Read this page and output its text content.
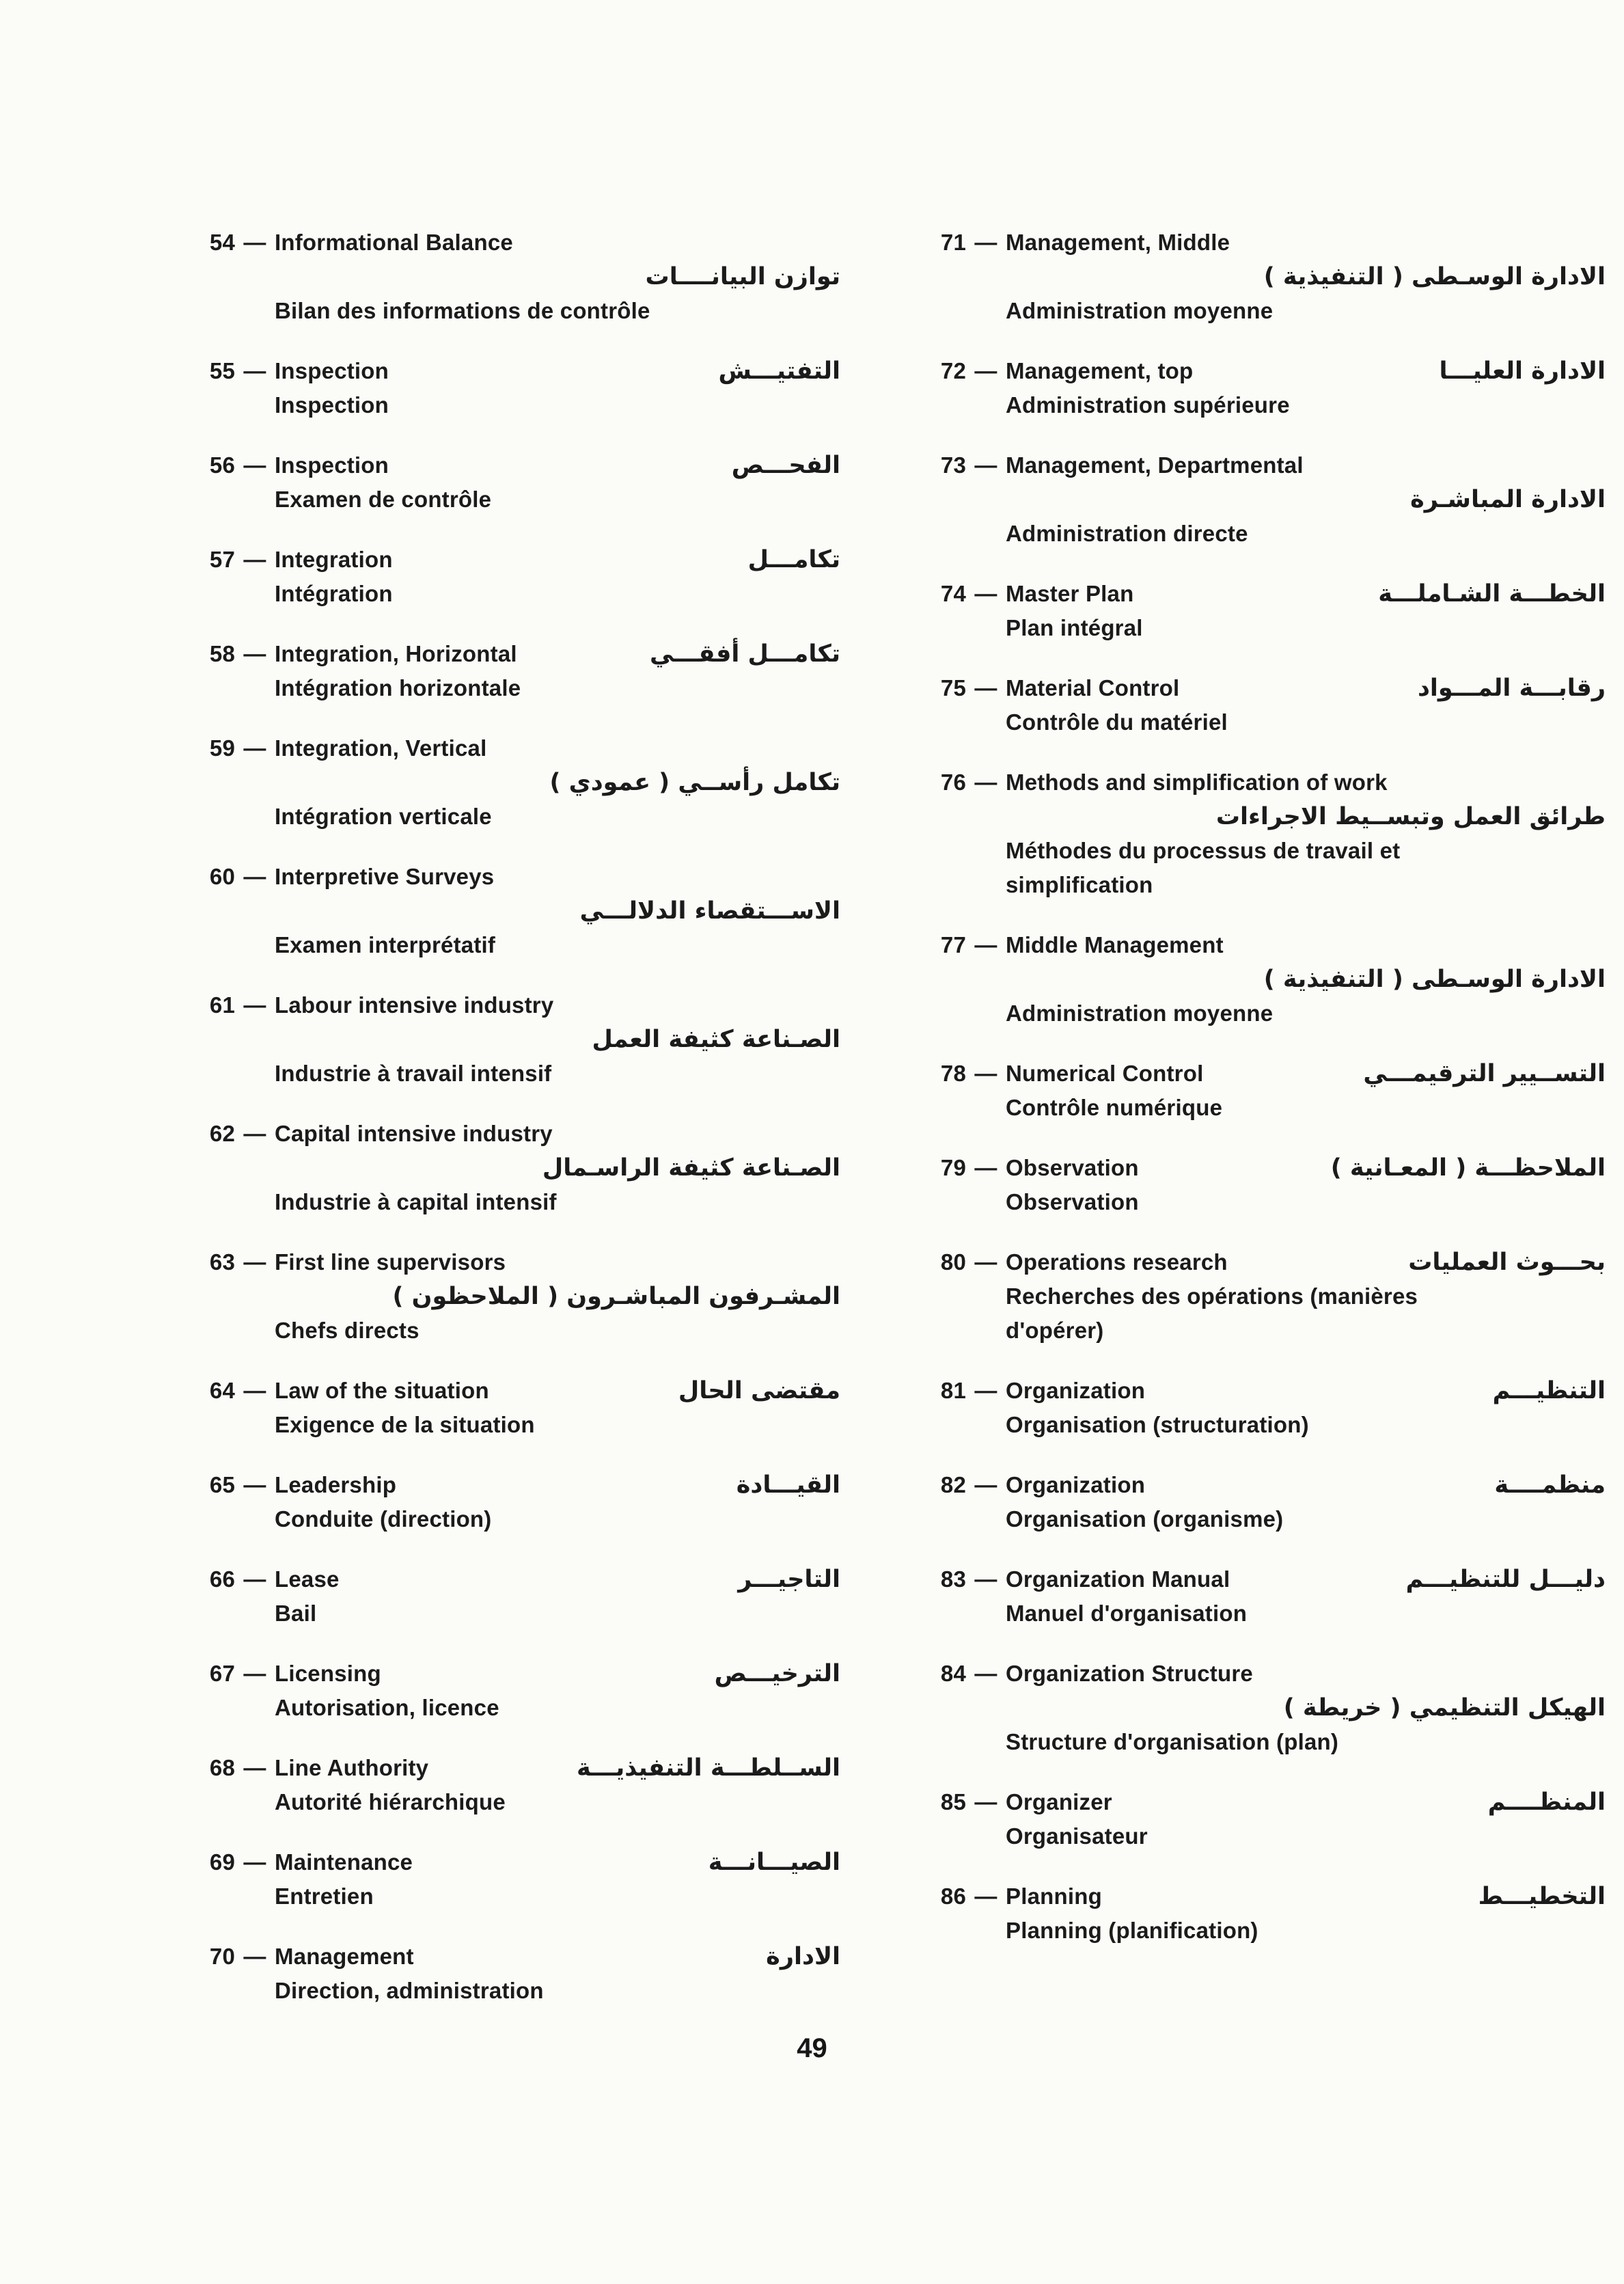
54 — Informational Balance
توازن البيانــــات
Bilan des informations de contrôle
55 — Inspection	التفتيـــش
Inspection
56 — Inspection	الفحـــص
Examen de contrôle
57 — Integration	تكامـــل
Intégration
58 — Integration, Horizontal	تكامـــل أفقـــي
Intégration horizontale
59 — Integration, Vertical
تكامل رأســي ( عمودي )
Intégration verticale
60 — Interpretive Surveys
الاســـتقصاء الدلالـــي
Examen interprétatif
61 — Labour intensive industry
الصـناعة كثيفة العمل
Industrie à travail intensif
62 — Capital intensive industry
الصـناعة كثيفة الراسـمال
Industrie à capital intensif
63 — First line supervisors
المشـرفون المباشـرون ( الملاحظون )
Chefs directs
64 — Law of the situation	مقتضى الحال
Exigence de la situation
65 — Leadership	القيـــادة
Conduite (direction)
66 — Lease	التاجيـــر
Bail
67 — Licensing	الترخيـــص
Autorisation, licence
68 — Line Authority	الســلطـــة التنفيذيـــة
Autorité hiérarchique
69 — Maintenance	الصيـــانـــة
Entretien
70 — Management	الادارة
Direction, administration
71 — Management, Middle
الادارة الوسـطى ( التنفيذية )
Administration moyenne
72 — Management, top	الادارة العليـــا
Administration supérieure
73 — Management, Departmental
الادارة المباشـرة
Administration directe
74 — Master Plan	الخطـــة الشـاملـــة
Plan intégral
75 — Material Control	رقابـــة المـــواد
Contrôle du matériel
76 — Methods and simplification of work
طرائق العمل وتبســيط الاجراءات
Méthodes du processus de travail et simplification
77 — Middle Management
الادارة الوسـطى ( التنفيذية )
Administration moyenne
78 — Numerical Control	التســيير الترقيمـــي
Contrôle numérique
79 — Observation	الملاحظـــة ( المعـانية )
Observation
80 — Operations research	بحـــوث العمليات
Recherches des opérations (manières d'opérer)
81 — Organization	التنظيـــم
Organisation (structuration)
82 — Organization	منظمــــة
Organisation (organisme)
83 — Organization Manual	دليـــل للتنظيـــم
Manuel d'organisation
84 — Organization Structure
الهيكل التنظيمي ( خريطة )
Structure d'organisation (plan)
85 — Organizer	المنظــــم
Organisateur
86 — Planning	التخطيـــط
Planning (planification)
49
